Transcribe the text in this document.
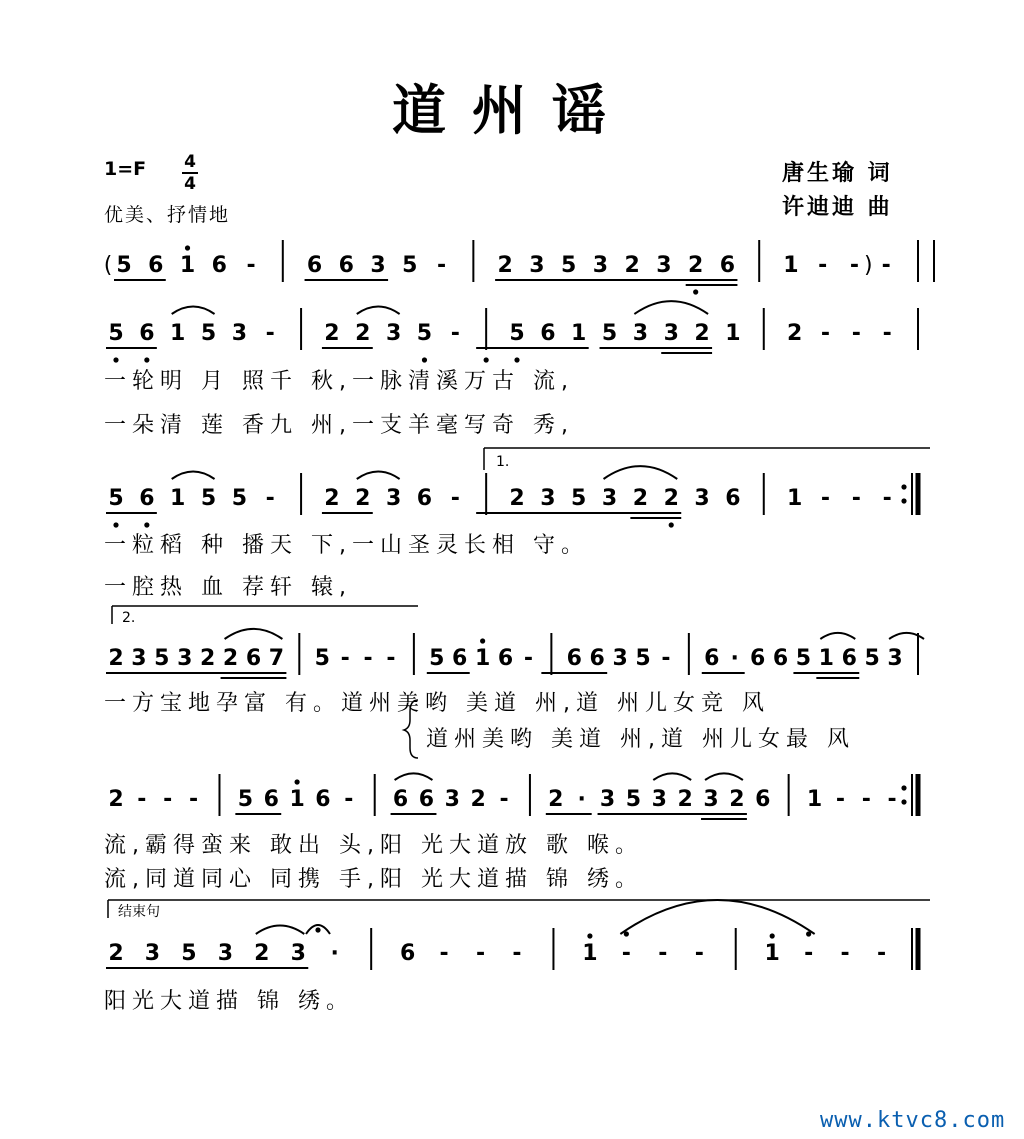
道州谣
1=F 4
4
优美、抒情地
唐生瑜 词
许迪迪 曲
5 6 1 6 - 6 6 3 5 - 2 3 5 3 2 3 2 6 1 - - -
(	)
5 6 1 5 3 - 2 2 3 5 - 5 6 1 5 3 3 2 1 2 - - -
一轮明 月 照千 秋,一脉清溪万古 流,
一朵清 莲 香九 州,一支羊毫写奇 秀,
5 6 1 5 5 - 2 2 3 6 - 2 3 5 3 2 2 3 6 1 - - -
一粒稻 种 播天 下,一山圣灵长相 守。
一腔热 血 荐轩 辕,
2 3 5 3 2 2 6 7 5 - - - 5 6 1 6 - 6 6 3 5 - 6 · 6 6 5 1 6 5 3
一方宝地孕富 有。道州美哟 美道 州,道 州儿女竞 风
道州美哟 美道 州,道 州儿女最 风
2 - - - 5 6 1 6 - 6 6 3 2 - 2 · 3 5 3 2 3 2 6 1 - - -
流,霸得蛮来 敢出 头,阳 光大道放 歌 喉。
流,同道同心 同携 手,阳 光大道描 锦 绣。
2 3 5 3 2 3 ·	6 - - -	1 - - -	1 - - -
阳光大道描 锦 绣。
1.
2.
结束句
www.ktvc8.com
